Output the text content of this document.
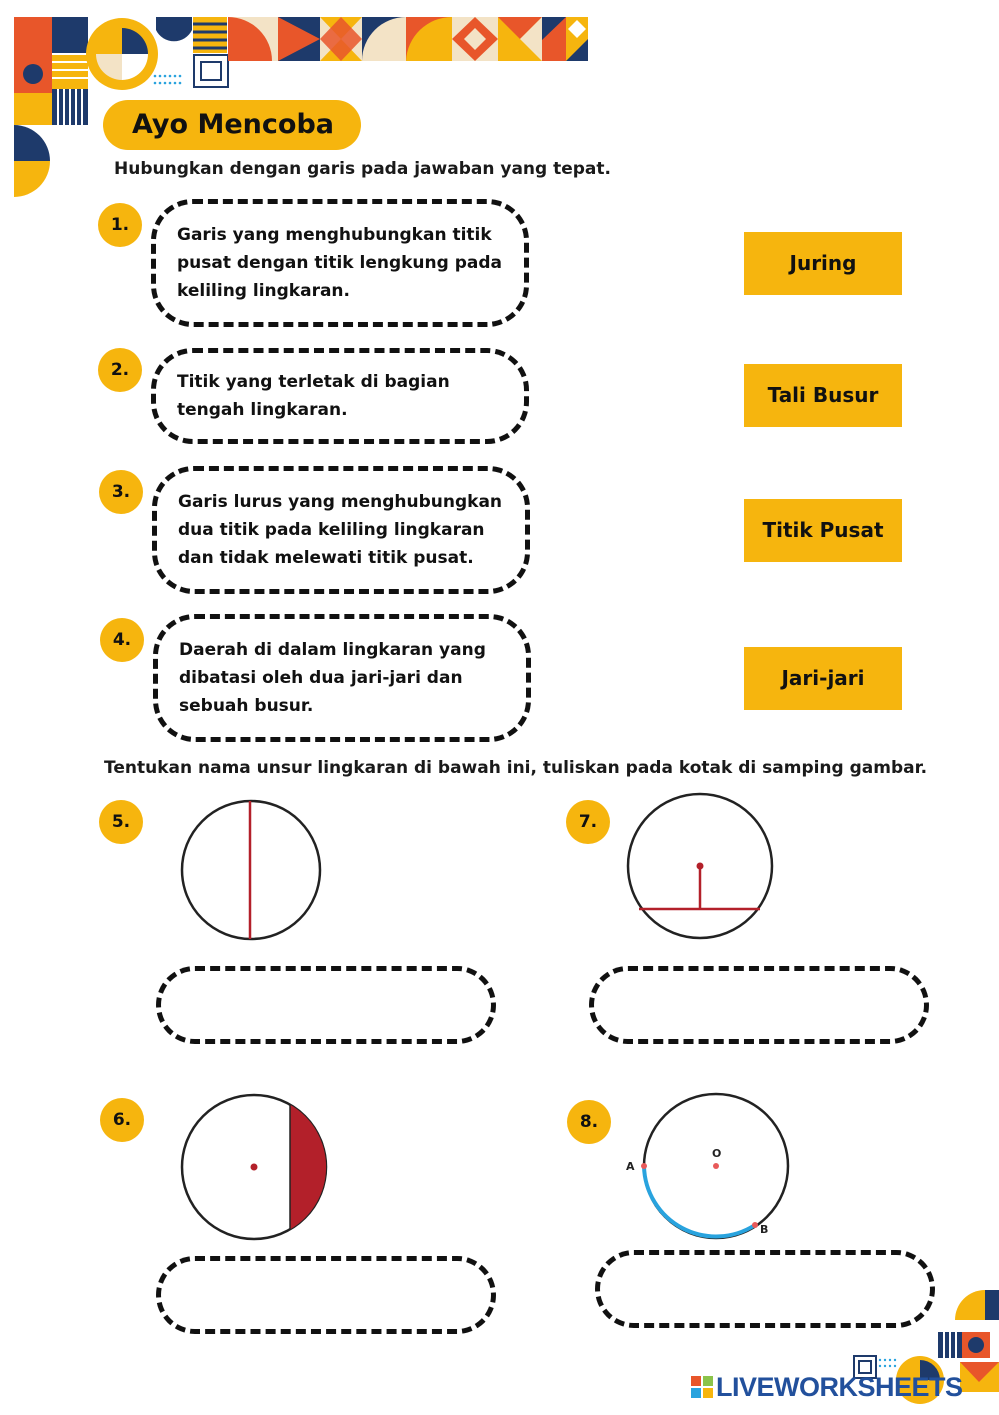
Ayo Mencoba
Hubungkan dengan garis pada jawaban yang tepat.
1.	Garis yang menghubungkan titik pusat dengan titik lengkung pada keliling lingkaran.
2.
Titik yang terletak di bagian tengah lingkaran.
3.	Garis lurus yang menghubungkan dua titik pada keliling lingkaran dan tidak melewati titik pusat.
4.	Daerah di dalam lingkaran yang dibatasi oleh dua jari-jari dan sebuah busur.
Juring
Tali Busur
Titik Pusat
Jari-jari
Tentukan nama unsur lingkaran di bawah ini, tuliskan pada kotak di samping gambar.
5.	7.
6.	8.
A
O
B
LIVEWORKSHEETS
